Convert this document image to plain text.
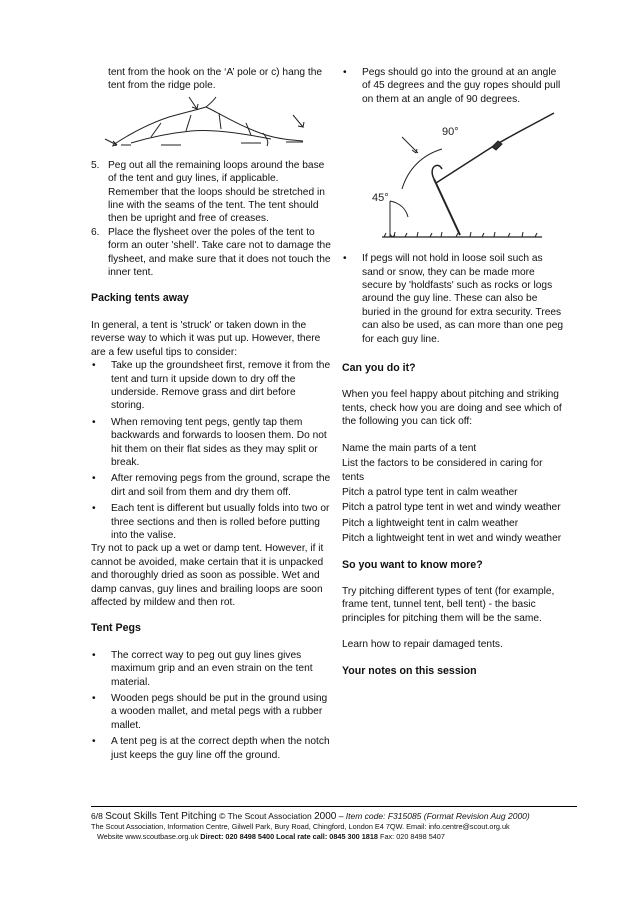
tent from the hook on the ‘A’ pole or c) hang the tent from the ridge pole.

5. Peg out all the remaining loops around the base of the tent and guy lines, if applicable. Remember that the loops should be stretched in line with the seams of the tent. The tent should then be upright and free of creases.
6. Place the flysheet over the poles of the tent to form an outer 'shell'. Take care not to damage the flysheet, and make sure that it does not touch the inner tent.

Packing tents away

In general, a tent is 'struck' or taken down in the reverse way to which it was put up. However, there are a few useful tips to consider:

•	Take up the groundsheet first, remove it from the tent and turn it upside down to dry off the underside. Remove grass and dirt before storing.
•	When removing tent pegs, gently tap them backwards and forwards to loosen them. Do not hit them on their flat sides as they may split or break.
•	After removing pegs from the ground, scrape the dirt and soil from them and dry them off.
•	Each tent is different but usually folds into two or three sections and then is rolled before putting into the valise.

Try not to pack up a wet or damp tent. However, if it cannot be avoided, make certain that it is unpacked and thoroughly dried as soon as possible. Wet and damp canvas, guy lines and brailing loops are soon affected by mildew and then rot.

Tent Pegs

•	The correct way to peg out guy lines gives maximum grip and an even strain on the tent material.
•	Wooden pegs should be put in the ground using a wooden mallet, and metal pegs with a rubber mallet.
•	A tent peg is at the correct depth when the notch just keeps the guy line off the ground.
•	Pegs should go into the ground at an angle of 45 degrees and the guy ropes should pull on them at an angle of 90 degrees.
90°
45°
•	If pegs will not hold in loose soil such as sand or snow, they can be made more secure by 'holdfasts' such as rocks or logs around the guy line. These can also be buried in the ground for extra security. Trees can also be used, as can more than one peg for each guy line.

Can you do it?

When you feel happy about pitching and striking tents, check how you are doing and see which of the following you can tick off:

Name the main parts of a tent

List the factors to be considered in caring for tents

Pitch a patrol type tent in calm weather

Pitch a patrol type tent in wet and windy weather

Pitch a lightweight tent in calm weather

Pitch a lightweight tent in wet and windy weather

So you want to know more?

Try pitching different types of tent (for example, frame tent, tunnel tent, bell tent) - the basic principles for pitching them will be the same.

Learn how to repair damaged tents.

Your notes on this session

6/8 Scout Skills Tent Pitching © The Scout Association 2000 – Item code: F315085 (Format Revision Aug 2000)
The Scout Association, Information Centre, Gilwell Park, Bury Road, Chingford, London E4 7QW. Email: info.centre@scout.org.uk
Website www.scoutbase.org.uk Direct: 020 8498 5400 Local rate call: 0845 300 1818 Fax: 020 8498 5407
